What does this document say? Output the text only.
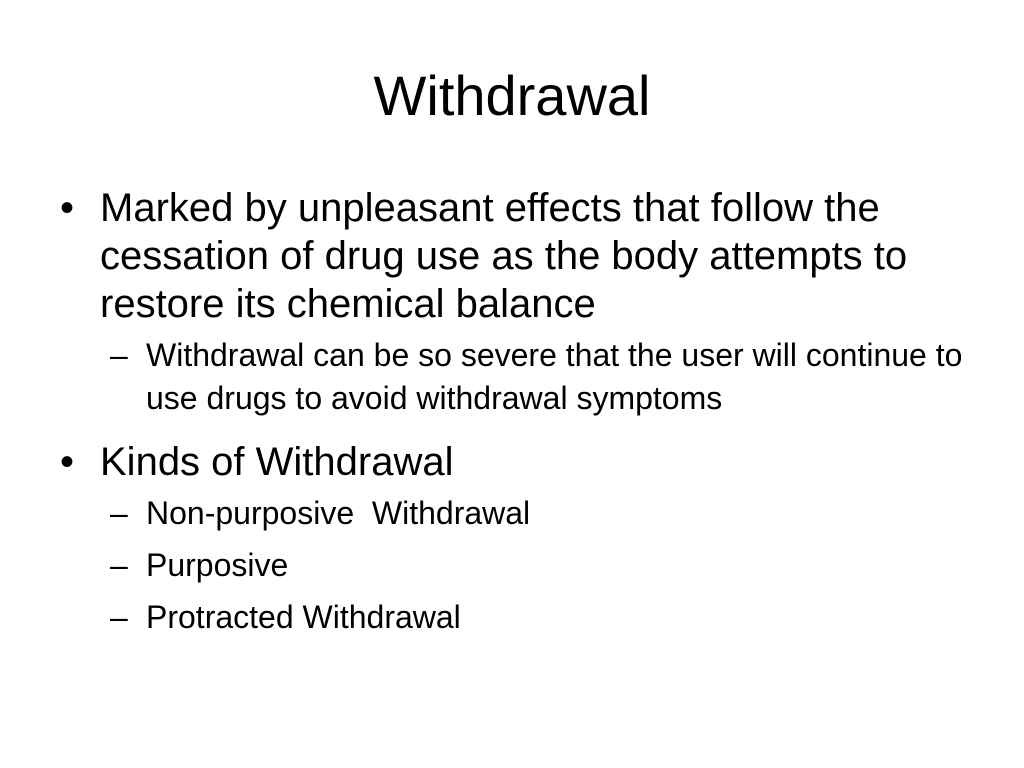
Withdrawal
• Marked by unpleasant effects that follow the cessation of drug use as the body attempts to restore its chemical balance
– Withdrawal can be so severe that the user will continue to use drugs to avoid withdrawal symptoms
• Kinds of Withdrawal
– Non-purposive  Withdrawal
– Purposive
– Protracted Withdrawal
